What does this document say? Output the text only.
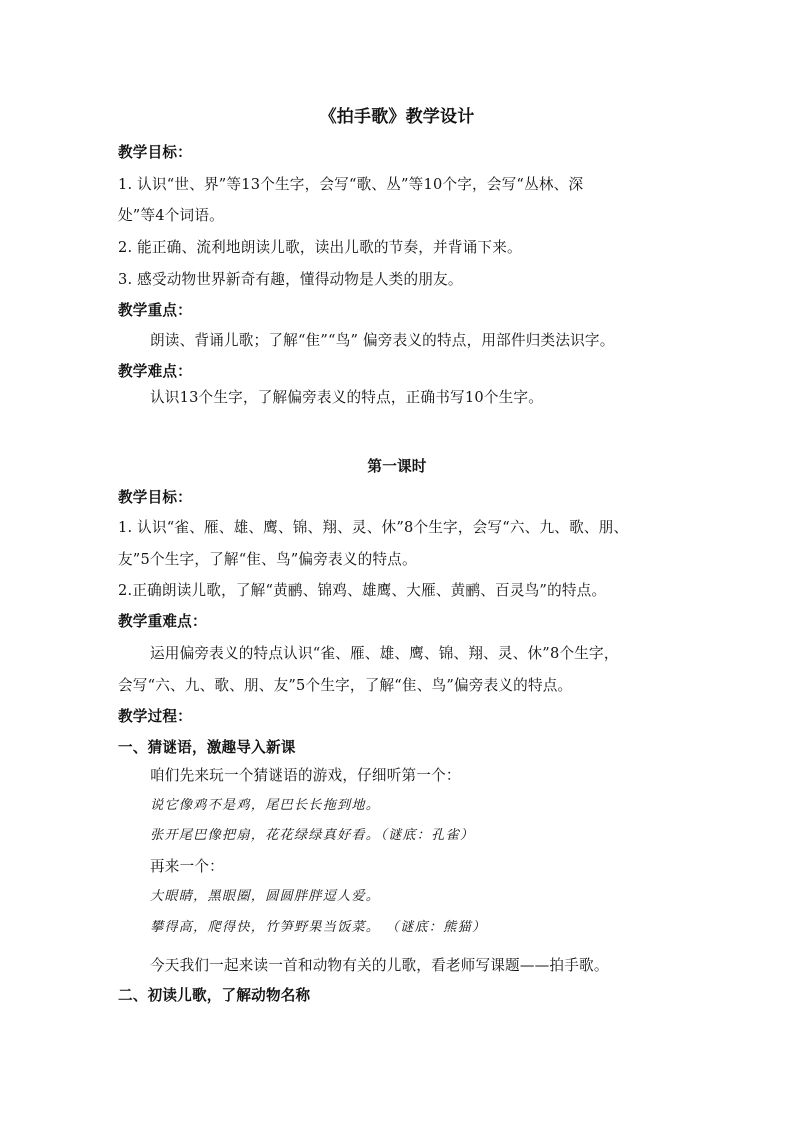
《拍手歌》教学设计
教学目标：
1. 认识“世、界”等13个生字，会写“歌、丛”等10个字，会写“丛林、深
处”等4个词语。
2. 能正确、流利地朗读儿歌，读出儿歌的节奏，并背诵下来。
3. 感受动物世界新奇有趣，懂得动物是人类的朋友。
教学重点：
朗读、背诵儿歌；了解“隹”“鸟” 偏旁表义的特点，用部件归类法识字。
教学难点：
认识13个生字，了解偏旁表义的特点，正确书写10个生字。
第一课时
教学目标：
1. 认识“雀、雁、雄、鹰、锦、翔、灵、休”8个生字，会写“六、九、歌、朋、
友”5个生字，了解“隹、鸟”偏旁表义的特点。
2.正确朗读儿歌，了解“黄鹂、锦鸡、雄鹰、大雁、黄鹂、百灵鸟”的特点。
教学重难点：
运用偏旁表义的特点认识“雀、雁、雄、鹰、锦、翔、灵、休”8个生字，
会写“六、九、歌、朋、友”5个生字，了解“隹、鸟”偏旁表义的特点。
教学过程：
一、猜谜语，激趣导入新课
咱们先来玩一个猜谜语的游戏，仔细听第一个：
说它像鸡不是鸡，尾巴长长拖到地。
张开尾巴像把扇，花花绿绿真好看。（谜底：孔雀）
再来一个：
大眼睛，黑眼圈，圆圆胖胖逗人爱。
攀得高，爬得快，竹笋野果当饭菜。 （谜底：熊猫）
今天我们一起来读一首和动物有关的儿歌，看老师写课题——拍手歌。
二、初读儿歌，了解动物名称
